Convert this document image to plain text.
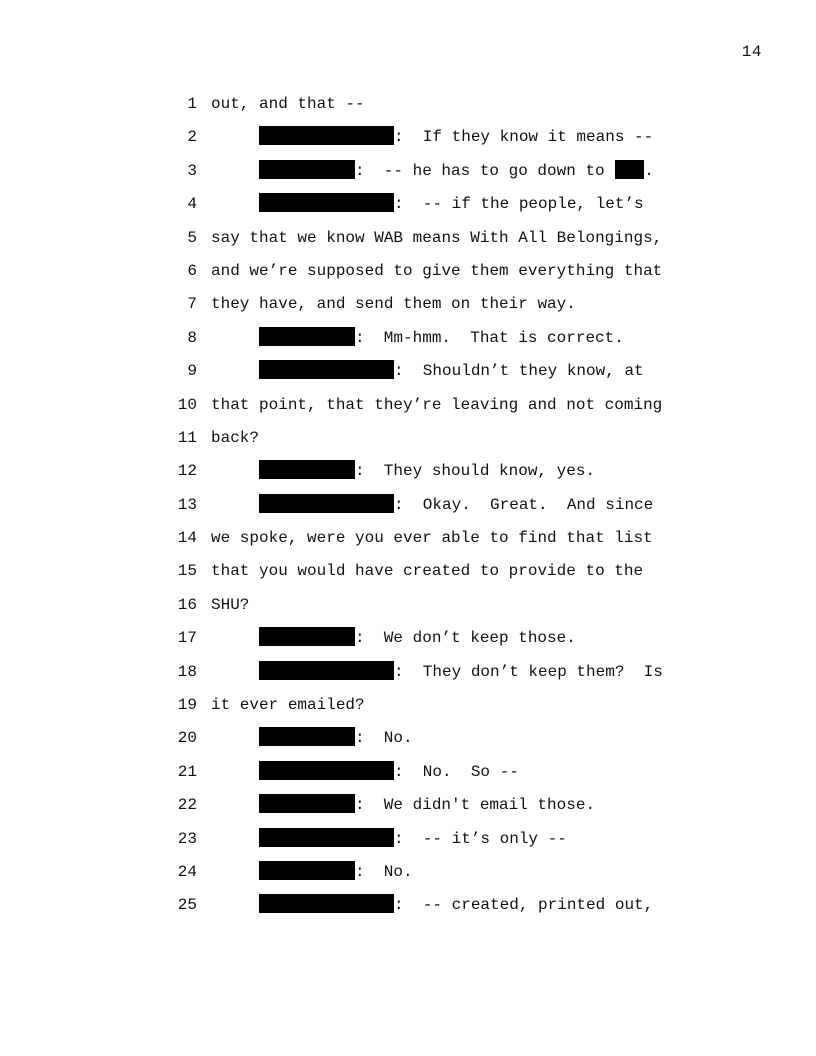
14
1 out, and that --
2	:  If they know it means --
3	:  -- he has to go down to .
4	:  -- if the people, let’s
5 say that we know WAB means With All Belongings,
6 and we’re supposed to give them everything that
7 they have, and send them on their way.
8	:  Mm-hmm.  That is correct.
9	:  Shouldn’t they know, at
10 that point, that they’re leaving and not coming
11 back?
12	:  They should know, yes.
13	:  Okay.  Great.  And since
14 we spoke, were you ever able to find that list
15 that you would have created to provide to the
16 SHU?
17	:  We don’t keep those.
18	:  They don’t keep them?  Is
19 it ever emailed?
20	:  No.
21	:  No.  So --
22	:  We didn't email those.
23	:  -- it’s only --
24	:  No.
25	:  -- created, printed out,
